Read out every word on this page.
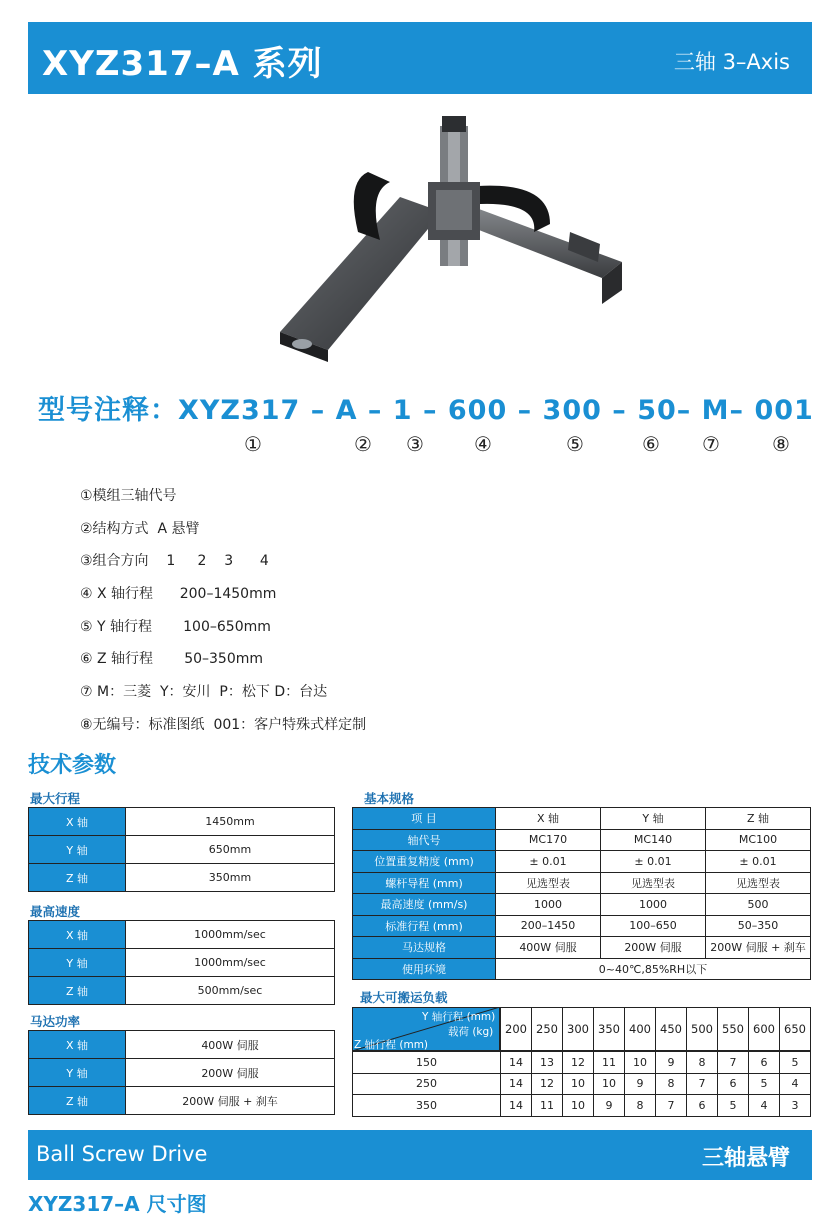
XYZ317–A 系列	三轴 3–Axis
型号注释：XYZ317 – A – 1 – 600 – 300 – 50– M– 001
①	② ③	④	⑤	⑥ ⑦	⑧
①模组三轴代号
②结构方式  A 悬臂
③组合方向    1     2    3      4
④ X 轴行程      200–1450mm
⑤ Y 轴行程       100–650mm
⑥ Z 轴行程       50–350mm
⑦ M：三菱  Y：安川  P：松下 D：台达
⑧无编号：标准图纸  001：客户特殊式样定制
技术参数
最大行程
X 轴	1450mm
Y 轴	650mm
Z 轴	350mm
最高速度
X 轴	1000mm/sec
Y 轴	1000mm/sec
Z 轴	500mm/sec
马达功率
X 轴	400W 伺服
Y 轴	200W 伺服
Z 轴	200W 伺服 + 刹车
基本规格
项 目	X 轴	Y 轴	Z 轴
轴代号	MC170	MC140	MC100
位置重复精度 (mm)	± 0.01	± 0.01	± 0.01
螺杆导程 (mm)	见选型表	见选型表	见选型表
最高速度 (mm/s)	1000	1000	500
标准行程 (mm)	200–1450	100–650	50–350
马达规格	400W 伺服	200W 伺服	200W 伺服 + 刹车
使用环境	0~40℃,85%RH以下		
最大可搬运负载
Y 轴行程 (mm)
载荷 (kg)
Z 轴行程 (mm)
200	250	300	350	400	450	500	550	600	650
150	14	13	12	11	10	9	8	7	6	5
250	14	12	10	10	9	8	7	6	5	4
350	14	11	10	9	8	7	6	5	4	3
Ball Screw Drive	三轴悬臂
XYZ317–A 尺寸图
